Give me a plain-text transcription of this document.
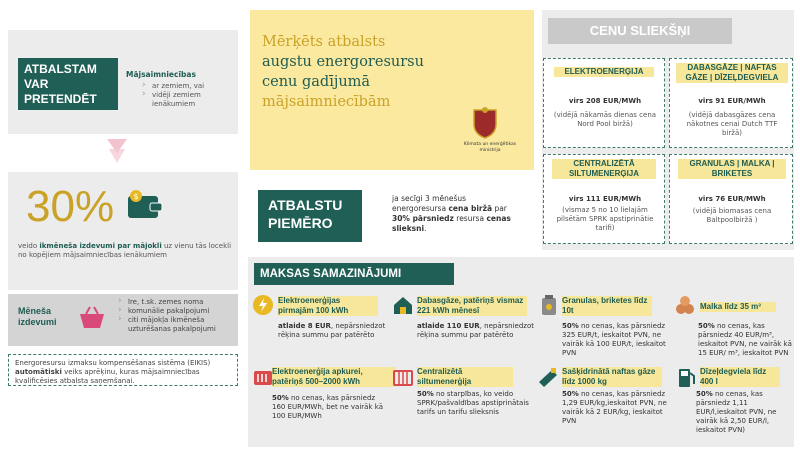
ATBALSTAM VAR PRETENDĒT
Mājsaimniecības
› ar zemiem, vai
› vidēji zemiem ienākumiem
30% $
veido ikmēneša izdevumi par mājokli uz vienu tās locekli no kopējiem mājsaimniecības ienākumiem
Mēneša izdevumi
› īre, t.sk. zemes noma
› komunālie pakalpojumi
› citi mājokļa ikmēneša uzturēšanas pakalpojumi
Energoresursu izmaksu kompensēšanas sistēma (EIKIS) automātiski veiks aprēķinu, kuras mājsaimniecības kvalificēsies atbalsta saņemšanai.
Mērķēts atbalsts
augstu energoresursu
cenu gadījumā
mājsaimniecībām
Klimata un enerģētikas ministrija
ATBALSTU PIEMĒRO
ja secīgi 3 mēnešus energoresursa cena biržā par 30% pārsniedz resursa cenas slieksni.
CENU SLIEKŠŅI
ELEKTROENERĢIJA
virs 208 EUR/MWh
(vidējā nākamās dienas cena Nord Pool biržā)
DABASGĀZE | NAFTAS GĀZE | DĪZEĻDEGVIELA
virs 91 EUR/MWh
(vidējā dabasgāzes cena nākotnes cenai Dutch TTF biržā)
CENTRALIZĒTĀ SILTUMENERĢIJA
virs 111 EUR/MWh
(vismaz 5 no 10 lielajām pilsētām SPRK apstiprinātie tarifi)
GRANULAS | MALKA | BRIKETES
virs 76 EUR/MWh
(vidējā biomasas cena Baltpoolbiržā )
MAKSAS SAMAZINĀJUMI
Elektroenerģijas pirmajām 100 kWh
atlaide 8 EUR, nepārsniedzot rēķina summu par patērēto
Dabasgāze, patēriņš vismaz 221 kWh mēnesī
atlaide 110 EUR, nepārsniedzot rēķina summu par patērēto
Granulas, briketes līdz 10t
50% no cenas, kas pārsniedz 325 EUR/t, ieskaitot PVN, ne vairāk kā 100 EUR/t, ieskaitot PVN
Malka līdz 35 m³
50% no cenas, kas pārsniedz 40 EUR/m³, ieskaitot PVN, ne vairāk kā 15 EUR/ m³, ieskaitot PVN
Elektroenerģija apkurei, patēriņš 500–2000 kWh
50% no cenas, kas pārsniedz 160 EUR/MWh, bet ne vairāk kā 100 EUR/MWh
Centralizētā siltumenerģija
50% no starpības, ko veido SPRK/pašvaldības apstiprinātais tarifs un tarifu slieksnis
Sašķidrinātā naftas gāze līdz 1000 kg
50% no cenas, kas pārsniedz 1,29 EUR/kg,ieskaitot PVN, ne vairāk kā 2 EUR/kg, ieskaitot PVN
Dīzeļdegviela līdz 400 l
50% no cenas, kas pārsniedz 1,11 EUR/l,ieskaitot PVN, ne vairāk kā 2,50 EUR/l, ieskaitot PVN)
